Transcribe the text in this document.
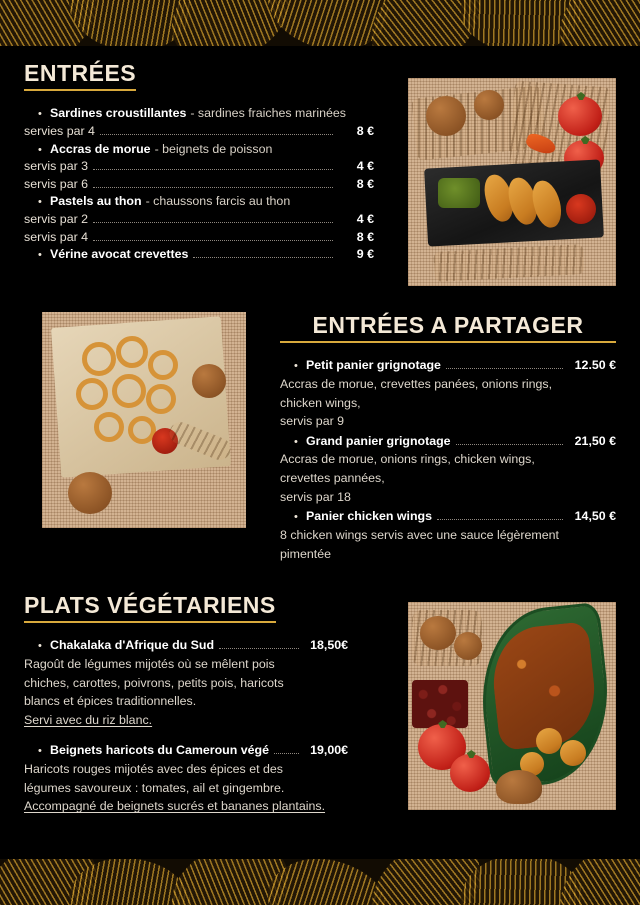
ENTRÉES
• Sardines croustillantes - sardines fraiches marinées
servies par 4	8 €
• Accras de morue - beignets de poisson
servis par 3	4 €
servis par 6	8 €
• Pastels au thon - chaussons farcis au thon
servis par 2	4 €
servis par 4	8 €
• Vérine avocat crevettes	9 €
ENTRÉES A PARTAGER
• Petit panier grignotage	12.50 €

Accras de morue, crevettes panées, onions rings,

chicken wings,

servis par 9

• Grand panier grignotage	21,50 €

Accras de morue, onions rings, chicken wings,

crevettes pannées,

servis par 18

• Panier chicken wings	14,50 €

8 chicken wings servis avec une sauce légèrement

pimentée

PLATS VÉGÉTARIENS
• Chakalaka d'Afrique du Sud	18,50€

Ragoût de légumes mijotés où se mêlent pois

chiches, carottes, poivrons, petits pois, haricots

blancs et épices traditionnelles.

Servi avec du riz blanc.

• Beignets haricots du Cameroun végé	19,00€

Haricots rouges mijotés avec des épices et des

légumes savoureux : tomates, ail et gingembre.

Accompagné de beignets sucrés et bananes plantains.
